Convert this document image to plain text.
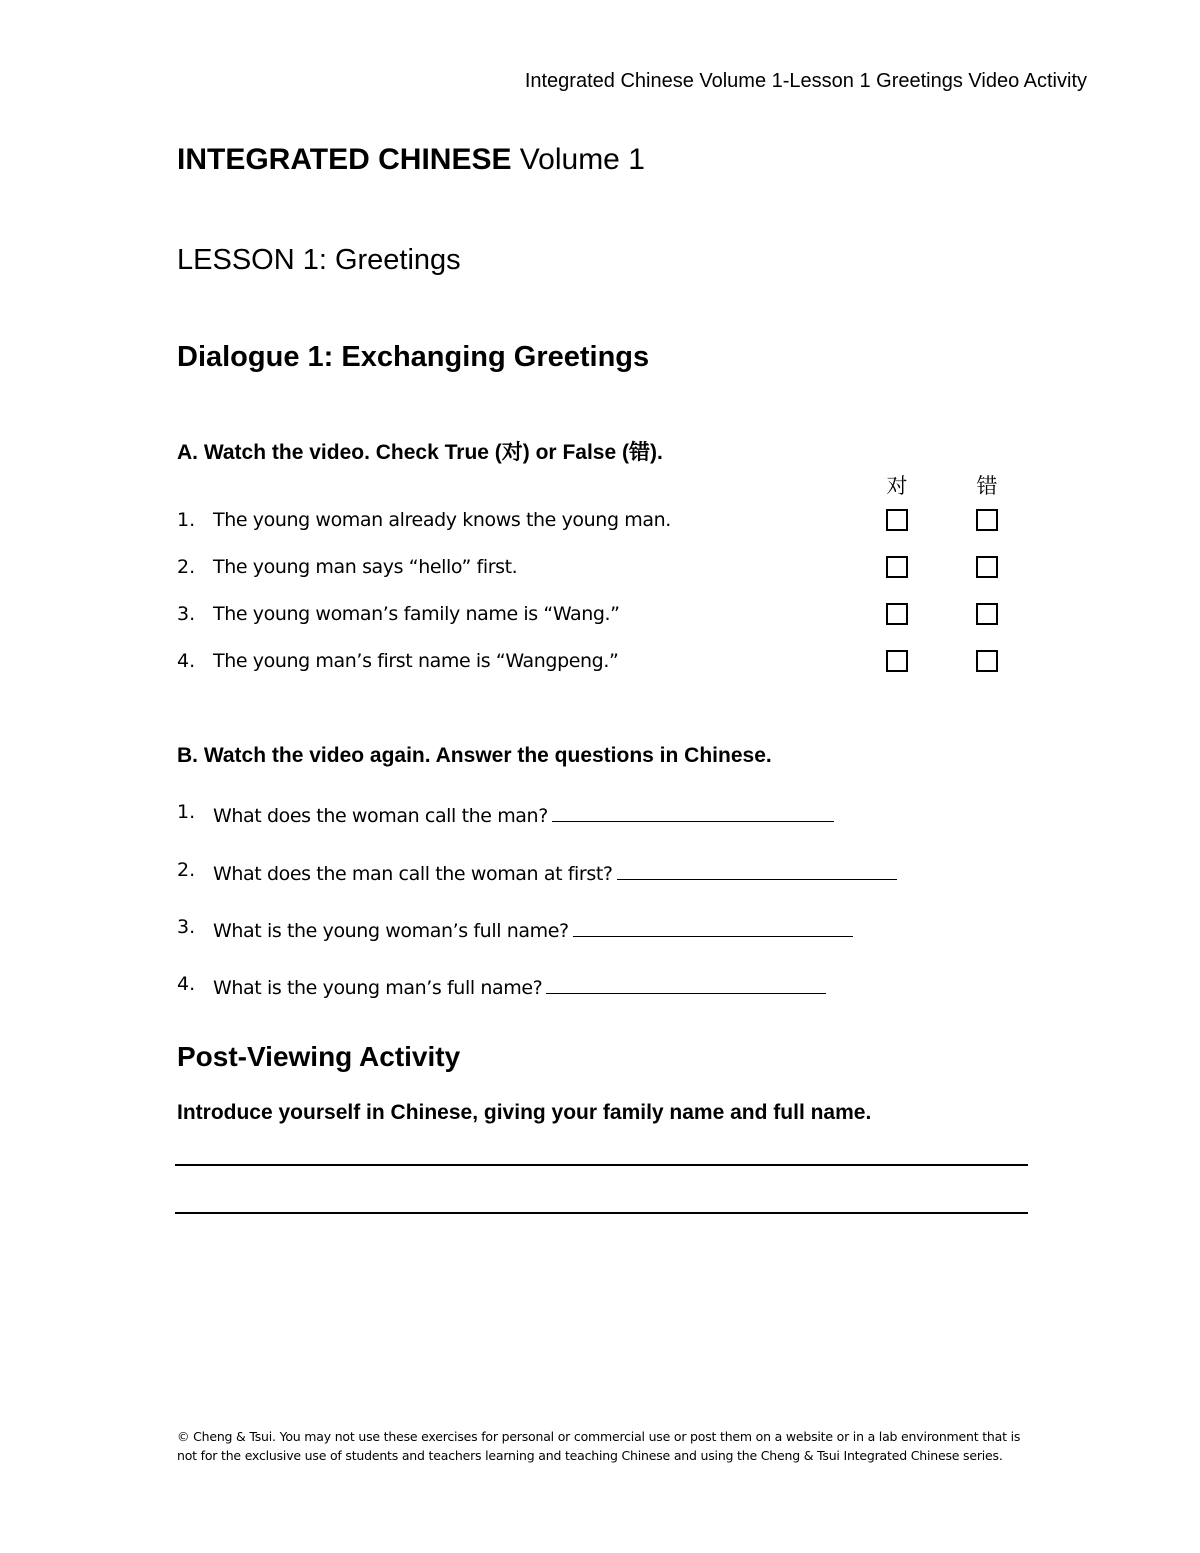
Integrated Chinese Volume 1-Lesson 1 Greetings Video Activity
INTEGRATED CHINESE Volume 1
LESSON 1: Greetings
Dialogue 1: Exchanging Greetings
A. Watch the video. Check True (对) or False (错).
对	错
1. The young woman already knows the young man.
2. The young man says “hello” first.
3. The young woman’s family name is “Wang.”
4. The young man’s first name is “Wangpeng.”
B. Watch the video again. Answer the questions in Chinese.
1. What does the woman call the man?
2. What does the man call the woman at first?
3. What is the young woman’s full name?
4. What is the young man’s full name?
Post-Viewing Activity
Introduce yourself in Chinese, giving your family name and full name.
© Cheng & Tsui. You may not use these exercises for personal or commercial use or post them on a website or in a lab environment that is not for the exclusive use of students and teachers learning and teaching Chinese and using the Cheng & Tsui Integrated Chinese series.
